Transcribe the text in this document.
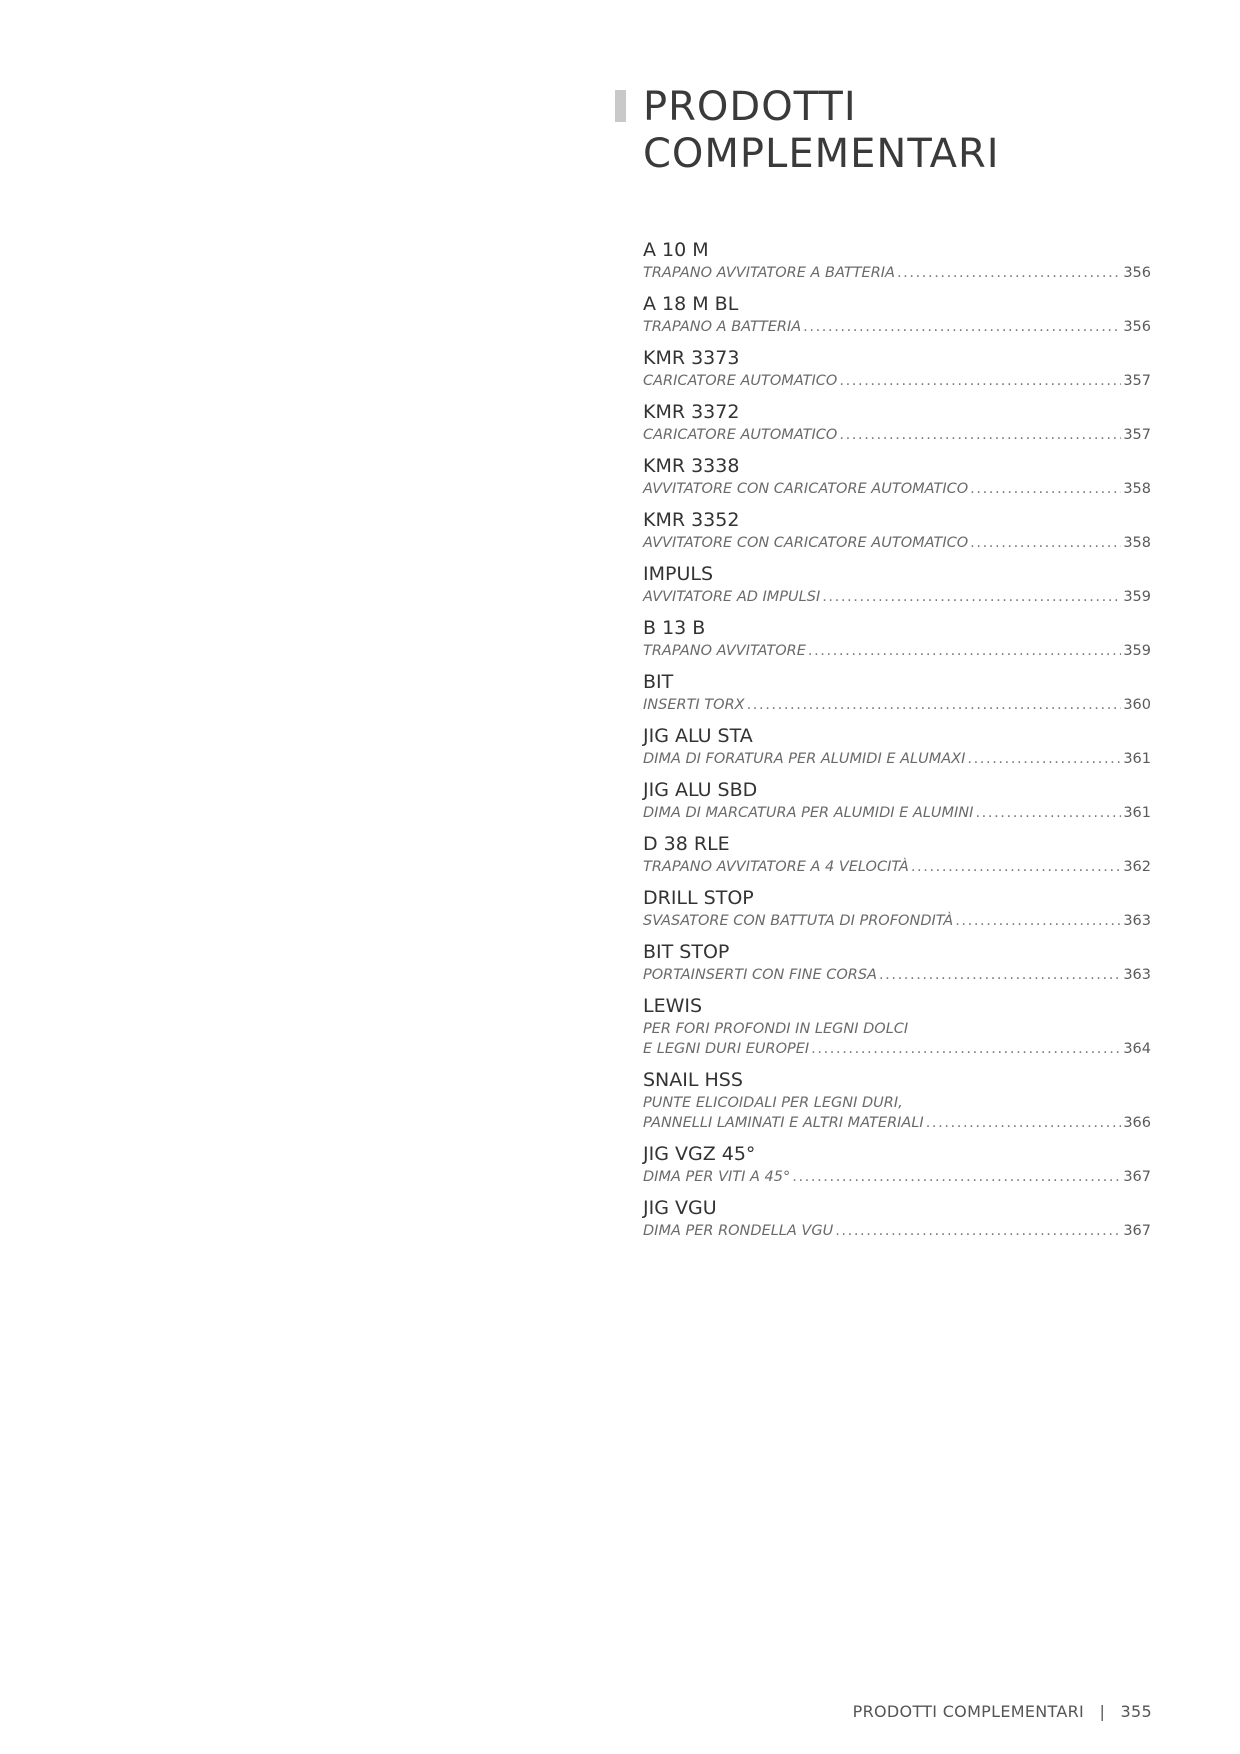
PRODOTTI
COMPLEMENTARI
A 10 M
TRAPANO AVVITATORE A BATTERIA .....	356
A 18 M BL
TRAPANO A BATTERIA .....	356
KMR 3373
CARICATORE AUTOMATICO .....	357
KMR 3372
CARICATORE AUTOMATICO .....	357
KMR 3338
AVVITATORE CON CARICATORE AUTOMATICO .....	358
KMR 3352
AVVITATORE CON CARICATORE AUTOMATICO .....	358
IMPULS
AVVITATORE AD IMPULSI .....	359
B 13 B
TRAPANO AVVITATORE .....	359
BIT
INSERTI TORX .....	360
JIG ALU STA
DIMA DI FORATURA PER ALUMIDI E ALUMAXI .....	361
JIG ALU SBD
DIMA DI MARCATURA PER ALUMIDI E ALUMINI .....	361
D 38 RLE
TRAPANO AVVITATORE A 4 VELOCITÀ .....	362
DRILL STOP
SVASATORE CON BATTUTA DI PROFONDITÀ .....	363
BIT STOP
PORTAINSERTI CON FINE CORSA .....	363
LEWIS
PER FORI PROFONDI IN LEGNI DOLCI
E LEGNI DURI EUROPEI .....	364
SNAIL HSS
PUNTE ELICOIDALI PER LEGNI DURI,
PANNELLI LAMINATI E ALTRI MATERIALI .....	366
JIG VGZ 45°
DIMA PER VITI A 45° .....	367
JIG VGU
DIMA PER RONDELLA VGU .....	367
PRODOTTI COMPLEMENTARI | 355
